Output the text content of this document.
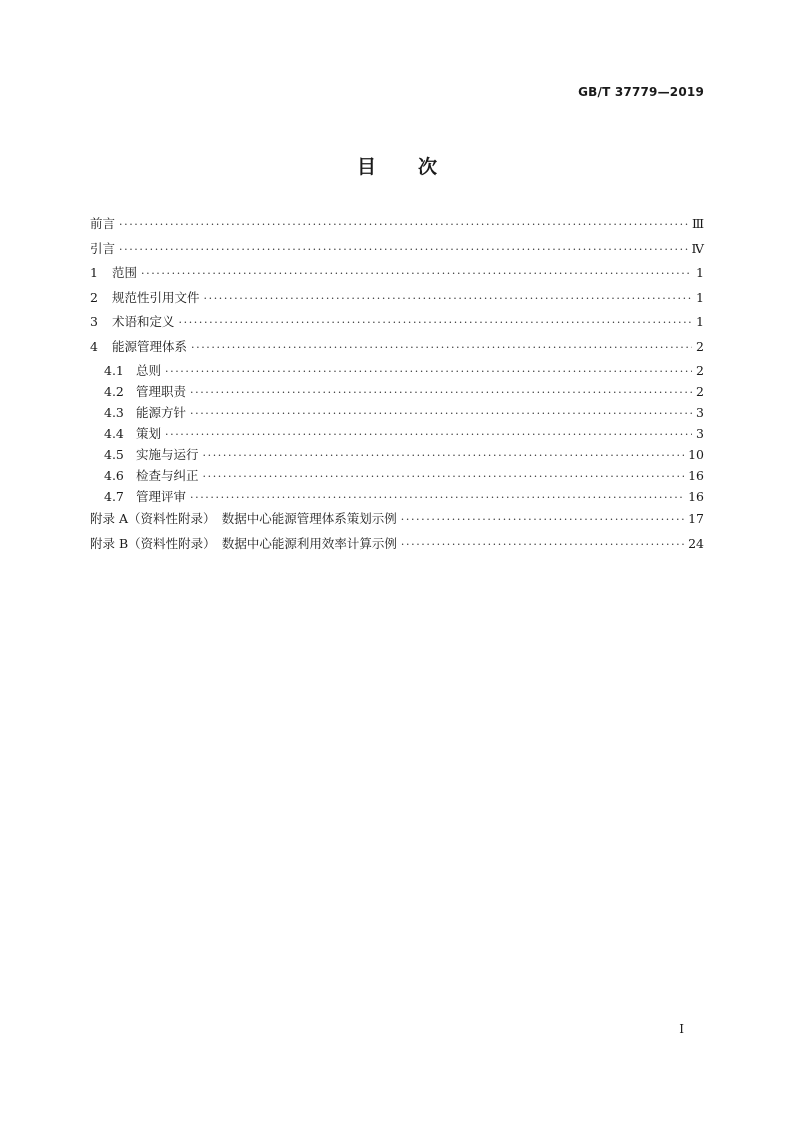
GB/T 37779—2019
目次
前言 ·····	Ⅲ
引言 ·····	Ⅳ
1	范围 ·····	1
2	规范性引用文件 ·····	1
3	术语和定义 ·····	1
4	能源管理体系 ·····	2
4.1 总则 ·····	2
4.2 管理职责 ·····	2
4.3 能源方针 ·····	3
4.4 策划 ·····	3
4.5 实施与运行 ·····	10
4.6 检查与纠正 ·····	16
4.7 管理评审 ·····	16
附录 A（资料性附录）　数据中心能源管理体系策划示例 ·····	17
附录 B（资料性附录）　数据中心能源利用效率计算示例 ·····	24
I
